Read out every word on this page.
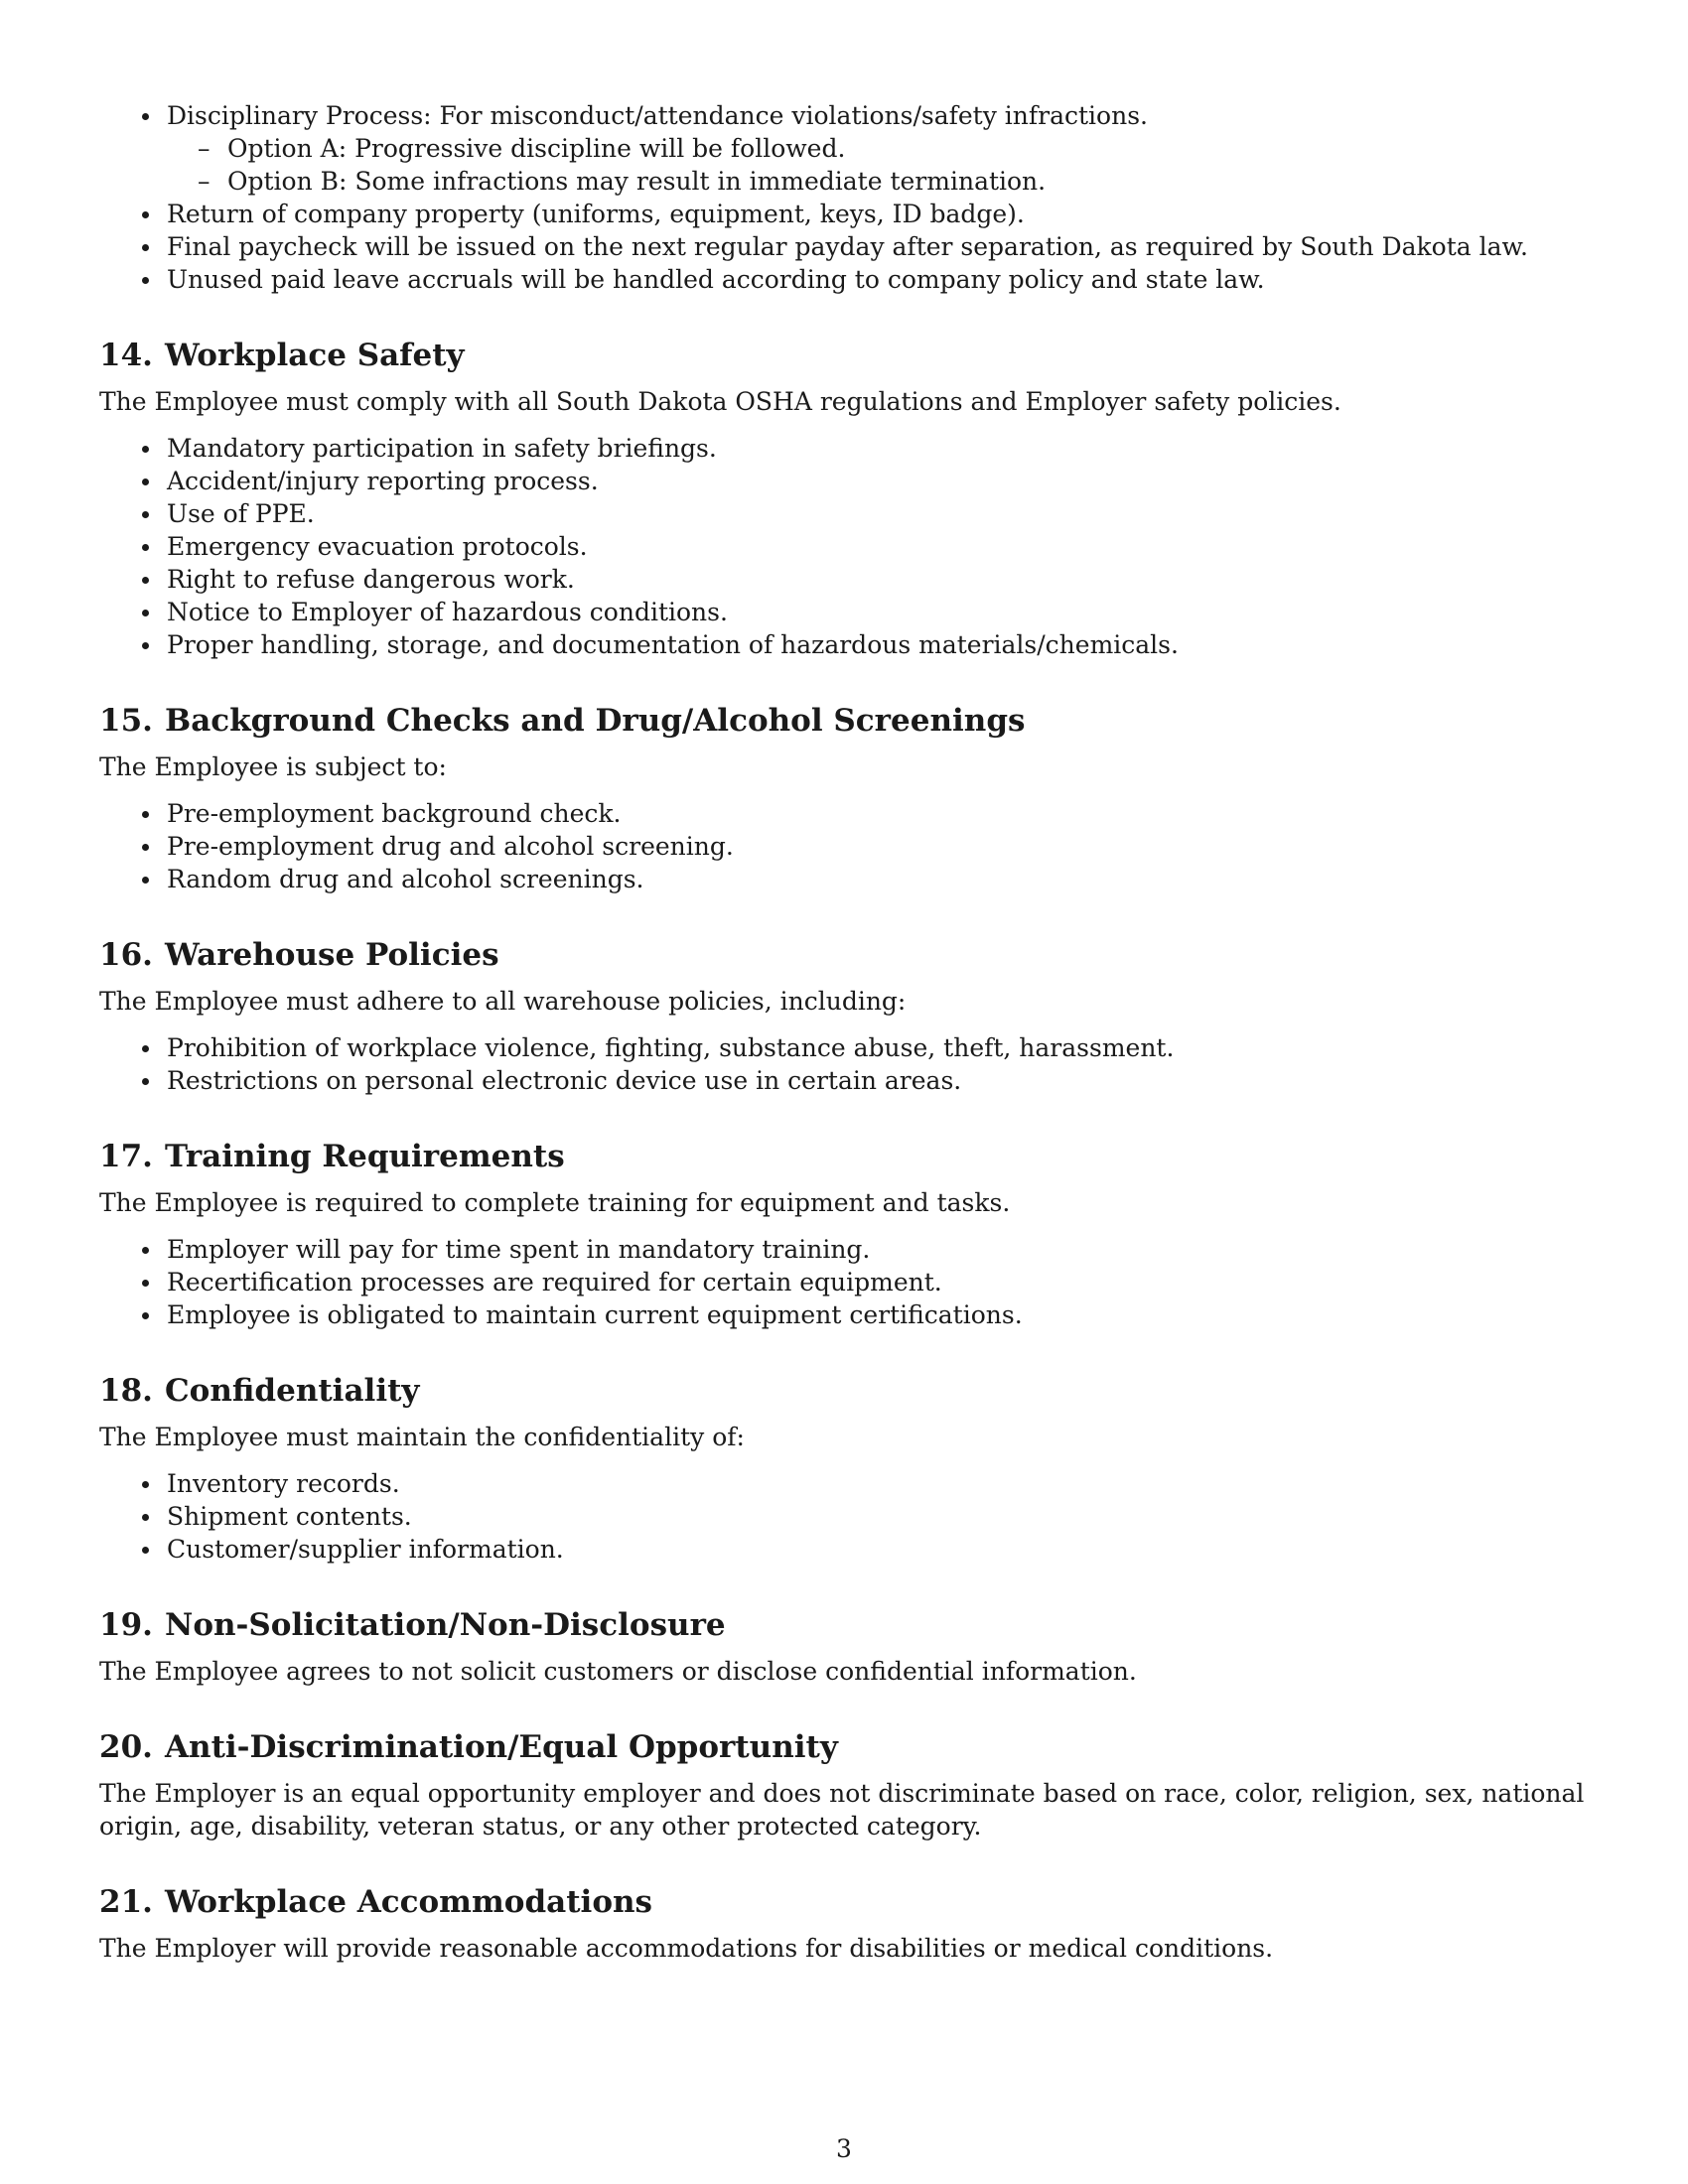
Disciplinary Process: For misconduct/attendance violations/safety infractions.
– Option A: Progressive discipline will be followed.
– Option B: Some infractions may result in immediate termination.
Return of company property (uniforms, equipment, keys, ID badge).
Final paycheck will be issued on the next regular payday after separation, as required by South Dakota law.
Unused paid leave accruals will be handled according to company policy and state law.
14. Workplace Safety

The Employee must comply with all South Dakota OSHA regulations and Employer safety policies.

Mandatory participation in safety briefings.
Accident/injury reporting process.
Use of PPE.
Emergency evacuation protocols.
Right to refuse dangerous work.
Notice to Employer of hazardous conditions.
Proper handling, storage, and documentation of hazardous materials/chemicals.
15. Background Checks and Drug/Alcohol Screenings

The Employee is subject to:

Pre-employment background check.
Pre-employment drug and alcohol screening.
Random drug and alcohol screenings.
16. Warehouse Policies

The Employee must adhere to all warehouse policies, including:

Prohibition of workplace violence, fighting, substance abuse, theft, harassment.
Restrictions on personal electronic device use in certain areas.
17. Training Requirements

The Employee is required to complete training for equipment and tasks.

Employer will pay for time spent in mandatory training.
Recertification processes are required for certain equipment.
Employee is obligated to maintain current equipment certifications.
18. Confidentiality

The Employee must maintain the confidentiality of:

Inventory records.
Shipment contents.
Customer/supplier information.
19. Non-Solicitation/Non-Disclosure

The Employee agrees to not solicit customers or disclose confidential information.

20. Anti-Discrimination/Equal Opportunity

The Employer is an equal opportunity employer and does not discriminate based on race, color, religion, sex, national origin, age, disability, veteran status, or any other protected category.

21. Workplace Accommodations

The Employer will provide reasonable accommodations for disabilities or medical conditions.

3
